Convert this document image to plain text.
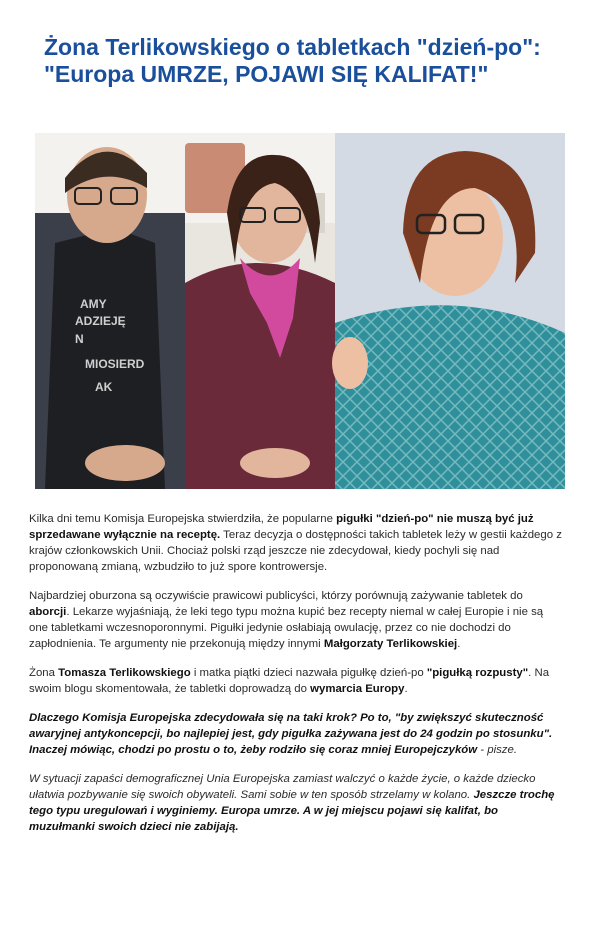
Żona Terlikowskiego o tabletkach "dzień-po": "Europa UMRZE, POJAWI SIĘ KALIFAT!"
AMY
ADZIEJĘ
N
MIOSIERD
AK

Kilka dni temu Komisja Europejska stwierdziła, że popularne pigułki "dzień-po" nie muszą być już sprzedawane wyłącznie na receptę. Teraz decyzja o dostępności takich tabletek leży w gestii każdego z krajów członkowskich Unii. Chociaż polski rząd jeszcze nie zdecydował, kiedy pochyli się nad proponowaną zmianą, wzbudziło to już spore kontrowersje.

Najbardziej oburzona są oczywiście prawicowi publicyści, którzy porównują zażywanie tabletek do aborcji. Lekarze wyjaśniają, że leki tego typu można kupić bez recepty niemal w całej Europie i nie są one tabletkami wczesnoporonnymi. Pigułki jedynie osłabiają owulację, przez co nie dochodzi do zapłodnienia. Te argumenty nie przekonują między innymi Małgorzaty Terlikowskiej.

Żona Tomasza Terlikowskiego i matka piątki dzieci nazwała pigułkę dzień-po "pigułką rozpusty". Na swoim blogu skomentowała, że tabletki doprowadzą do wymarcia Europy.

Dlaczego Komisja Europejska zdecydowała się na taki krok? Po to, "by zwiększyć skuteczność awaryjnej antykoncepcji, bo najlepiej jest, gdy pigułka zażywana jest do 24 godzin po stosunku". Inaczej mówiąc, chodzi po prostu o to, żeby rodziło się coraz mniej Europejczyków - pisze.

W sytuacji zapaści demograficznej Unia Europejska zamiast walczyć o każde życie, o każde dziecko ułatwia pozbywanie się swoich obywateli. Sami sobie w ten sposób strzelamy w kolano. Jeszcze trochę tego typu uregulowań i wyginiemy. Europa umrze. A w jej miejscu pojawi się kalifat, bo muzułmanki swoich dzieci nie zabijają.
